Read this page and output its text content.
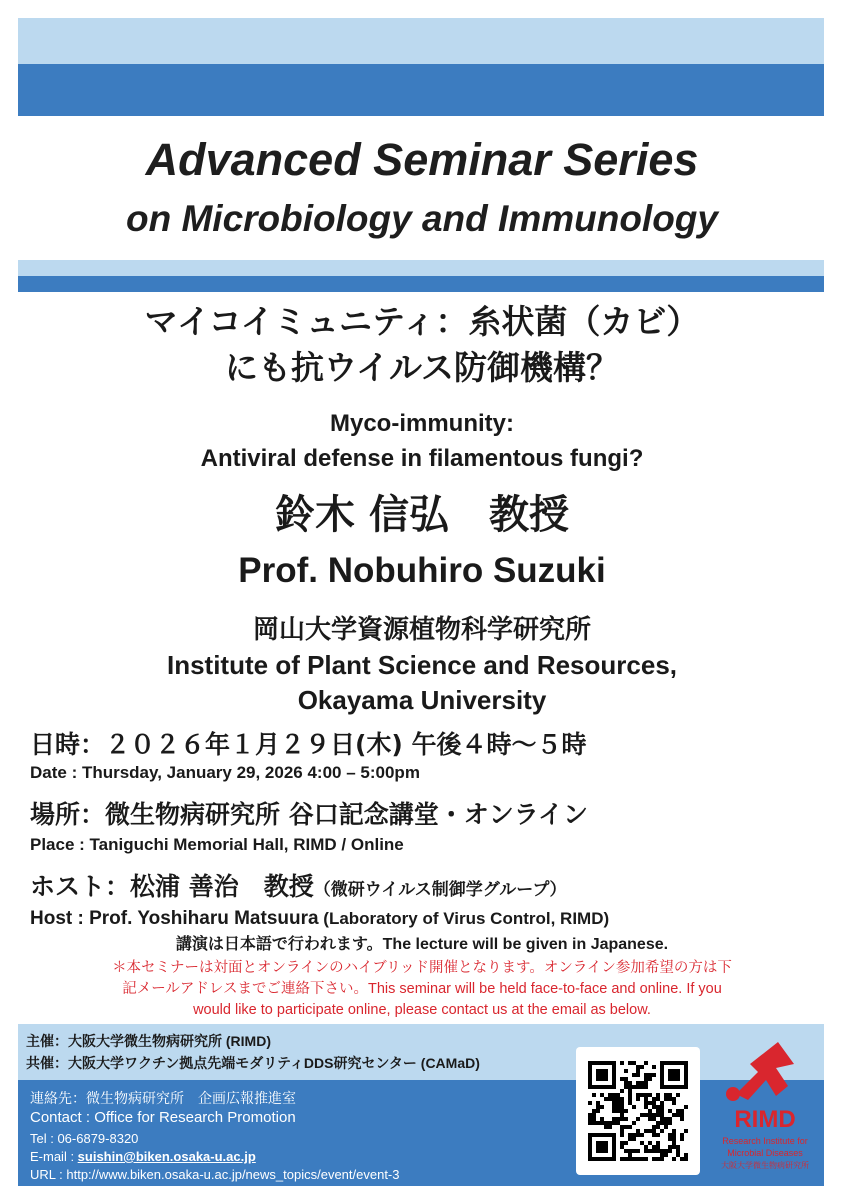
Advanced Seminar Series
on Microbiology and Immunology
マイコイミュニティ：糸状菌（カビ）
にも抗ウイルス防御機構？
Myco-immunity:
Antiviral defense in filamentous fungi?
鈴木 信弘　教授
Prof. Nobuhiro Suzuki
岡山大学資源植物科学研究所
Institute of Plant Science and Resources,
Okayama University
日時：２０２６年１月２９日(木) 午後４時～５時
Date : Thursday, January 29, 2026 4:00 – 5:00pm
場所：微生物病研究所 谷口記念講堂・オンライン
Place : Taniguchi Memorial Hall, RIMD / Online
ホスト：松浦 善治　教授（微研ウイルス制御学グループ）
Host : Prof. Yoshiharu Matsuura (Laboratory of Virus Control, RIMD)
講演は日本語で行われます。The lecture will be given in Japanese.
＊本セミナーは対面とオンラインのハイブリッド開催となります。オンライン参加希望の方は下
記メールアドレスまでご連絡下さい。This seminar will be held face-to-face and online. If you
would like to participate online, please contact us at the email as below.
主催：大阪大学微生物病研究所 (RIMD)
共催：大阪大学ワクチン拠点先端モダリティDDS研究センター (CAMaD)
連絡先：微生物病研究所　企画広報推進室
Contact : Office for Research Promotion
Tel : 06-6879-8320
E-mail : suishin@biken.osaka-u.ac.jp
URL : http://www.biken.osaka-u.ac.jp/news_topics/event/event-3
RIMD
Research Institute for
Microbial Diseases
大阪大学微生物病研究所
